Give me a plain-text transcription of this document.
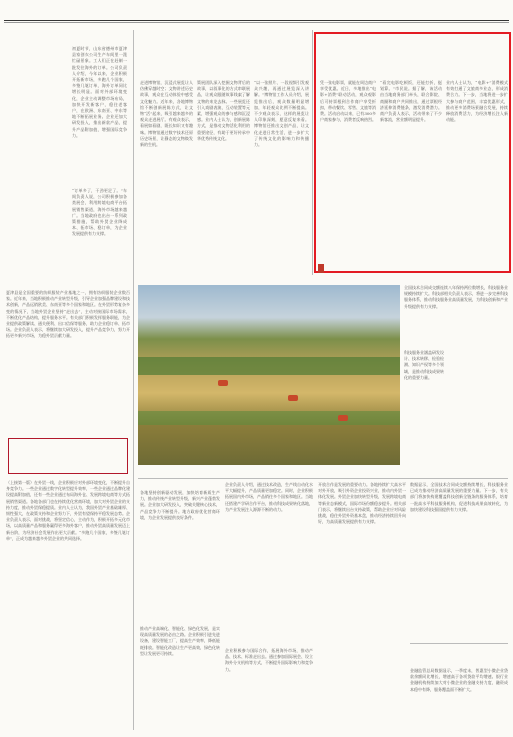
初夏时节，山东省德州市夏津县家创衣公司生产车间里一派忙碌景象。工人们正在赶制一批发往海外的订单。公司负责人介绍，今年以来，企业积极开拓新市场，多跑几个国家，多签几笔订单，海外订单同比增长明显。面对外部环境变化，企业主动调整市场布局，加快开发新客户，稳住老客户，在欧洲、东南亚、中东等地不断拓展业务。企业还加大研发投入，推出新款产品，提升产品附加值，增强国际竞争力。
“订单多了，干劲更足了。”车间负责人说，公司积极参加各类展会，利用跨境电商平台拓展销售渠道，海外市场越来越广。当地政府也出台一系列政策措施，帮助外贸企业降成本、拓市场、稳订单，为企业发展提供有力支撑。
夏津县是全国重要的纺织服装产业基地之一，拥有纺织服装企业数百家。近年来，当地积极推动产业转型升级，引导企业加强品牌建设和技术创新，产品远销欧美、东南亚等多个国家和地区。在外贸形势复杂多变的情况下，当地外贸企业坚持“走出去”，主动对接国际市场需求，不断优化产品结构，提升服务水平。有关部门积极发挥服务职能，为企业提供政策解读、通关便利、出口信保等服务，助力企业稳订单、拓市场。企业负责人表示，将继续加大研发投入，提升产品竞争力，努力开拓更多新兴市场，为稳外贸贡献力量。
（上接第一版）在外贸一线，企业积极应对外部环境变化，不断提升自身竞争力。一些企业通过数字化转型提升效率，一些企业通过品牌化建设提高附加值，还有一些企业通过布局海外仓、发展跨境电商等方式拓展销售渠道。各地各部门也在持续优化营商环境，加大对外贸企业的支持力度，推动外贸保稳提质。业内人士认为，我国外贸产业基础雄厚、韧性强大，在政策支持和企业努力下，外贸有望保持平稳发展态势。企业负责人表示，面对挑战，将坚定信心，主动作为，积极开拓多元化市场，以高质量产品和服务赢得更多海外客户，推动外贸高质量发展迈上新台阶，为经济社会发展作出更大贡献。“多跑几个国家，多签几笔订单”，正成为越来越多外贸企业的共同选择。
走进博物馆，沉浸式展览让人仿佛穿越时空；文物讲述历史故事，观众在互动体验中感受文化魅力。近年来，各地博物馆不断创新展陈方式，让文物“活”起来，吸引越来越多的观众走进展厅。有观众表示，看展如看剧，既长知识又有趣味。博物馆通过数字技术还原历史场景，让静态的文物焕发新的生机。
策展团队深入挖掘文物背后的故事，以叙事化的方式串联展品，让观众跟随故事线索了解文物的来龙去脉。一些展览还引入戏剧表演、互动装置等元素，增强观众的参与感和沉浸感。业内人士认为，创新展陈方式，是推动文物活化利用的重要途径，有助于更好传承中华优秀传统文化。
“以一张照片、一段视频引发观众兴趣，再通过展览深入讲解。”博物馆工作人员介绍，展览推出后，观众数量明显增加，年轻观众比例不断提高。不少观众表示，这样的展览让人印象深刻，愿意反复来看。博物馆还推出文创产品，让文化走进日常生活，进一步扩大了传统文化的影响力和传播力。
凭一张电影票，就能在周边商户享受优惠。近日，多地推出“电影+消费”联动活动，观众观影后可持票根到合作商户享受折扣，带动餐饮、零售、文旅等消费。活动启动以来，已有300多户商家参与，消费者反响热烈。
“看完电影吃顿饭，还能打折，挺划算。”市民说。据了解，该活动由当地商务部门牵头，联合影院、商圈和商户共同推出，通过票根经济延伸消费链条，激发消费潜力。商户负责人表示，活动带来了不少新客流，营业额明显提升。
业内人士认为，“电影+”消费模式有效打通了文旅商多业态，形成消费合力。下一步，当地将进一步扩大参与商户范围，丰富优惠形式，推动更多消费场景融合发展，持续释放消费活力，为经济增长注入新动能。
全国技术合同成交额连续八年保持两位数增长，科技服务业规模持续扩大。科技部相关负责人表示，将进一步完善科技服务体系，推动科技服务业高质量发展，为科技创新和产业升级提供有力支撑。
科技服务业涵盖研发设计、技术转移、检验检测、知识产权等多个领域，是推动科技成果转化的重要力量。
各地坚持创新驱动发展，加快培育新质生产力，推动传统产业转型升级，新兴产业蓬勃发展。企业加大研发投入，突破关键核心技术，产品竞争力不断提升。地方政府优化营商环境，为企业发展提供良好条件。
推动产业高端化、智能化、绿色化发展，是实现高质量发展的必由之路。企业积极引进先进设备，建设智能工厂，提高生产效率，降低能耗排放。智能化改造让生产更高效，绿色化转型让发展更可持续。
企业负责人介绍，通过技术改造，生产线自动化水平大幅提升，产品质量更加稳定。同时，企业积极拓展国内外市场，产品销往多个国家和地区。当地还搭建产学研合作平台，推动科技成果转化落地，为产业发展注入源源不断的动力。
企业积极参与国际合作，拓展海外市场，推动产品、技术、标准走出去。通过参加国际展会、设立海外分支机构等方式，不断提升国际影响力和竞争力。
开放合作是发展的重要动力。各地持续扩大高水平对外开放，吸引外资企业投资兴业，推动内外贸一体化发展。外贸企业加快转型升级，发展跨境电商等新业态新模式，国际市场份额稳步提升。相关部门表示，将继续出台支持政策，帮助企业应对风险挑战，稳住外贸外资基本盘，推动经济持续回升向好，为高质量发展提供有力支撑。
数据显示，全国技术合同成交额持续增长，科技服务业已成为推动经济高质量发展的重要力量。下一步，有关部门将加快构建覆盖科技创新全链条的服务体系，培育一批高水平科技服务机构，促进科技成果高效转化，为加快建设科技强国提供有力支撑。
金融监管总局数据显示，一季度末，普惠型小微企业贷款余额同比增长，增速高于各项贷款平均增速。银行业金融机构持续加大对小微企业的金融支持力度，融资成本稳中有降，服务覆盖面不断扩大。
